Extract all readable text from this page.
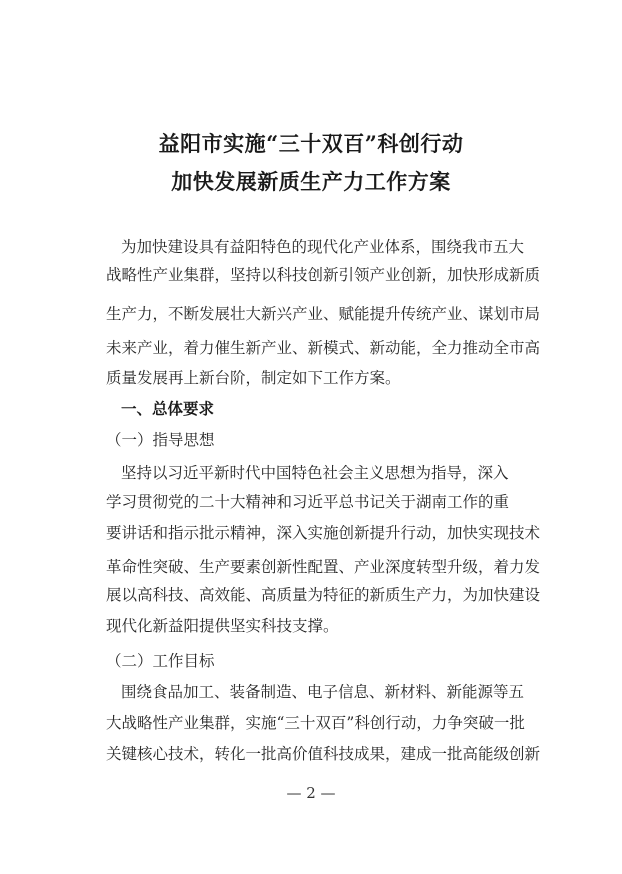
益阳市实施“三十双百”科创行动
加快发展新质生产力工作方案
为加快建设具有益阳特色的现代化产业体系，围绕我市五大
战略性产业集群，坚持以科技创新引领产业创新，加快形成新质
生产力，不断发展壮大新兴产业、赋能提升传统产业、谋划市局
未来产业，着力催生新产业、新模式、新动能，全力推动全市高
质量发展再上新台阶，制定如下工作方案。
一、总体要求
（一）指导思想
坚持以习近平新时代中国特色社会主义思想为指导，深入
学习贯彻党的二十大精神和习近平总书记关于湖南工作的重
要讲话和指示批示精神，深入实施创新提升行动，加快实现技术
革命性突破、生产要素创新性配置、产业深度转型升级，着力发
展以高科技、高效能、高质量为特征的新质生产力，为加快建设
现代化新益阳提供坚实科技支撑。
（二）工作目标
围绕食品加工、装备制造、电子信息、新材料、新能源等五
大战略性产业集群，实施“三十双百”科创行动，力争突破一批
关键核心技术，转化一批高价值科技成果，建成一批高能级创新
— 2 —
